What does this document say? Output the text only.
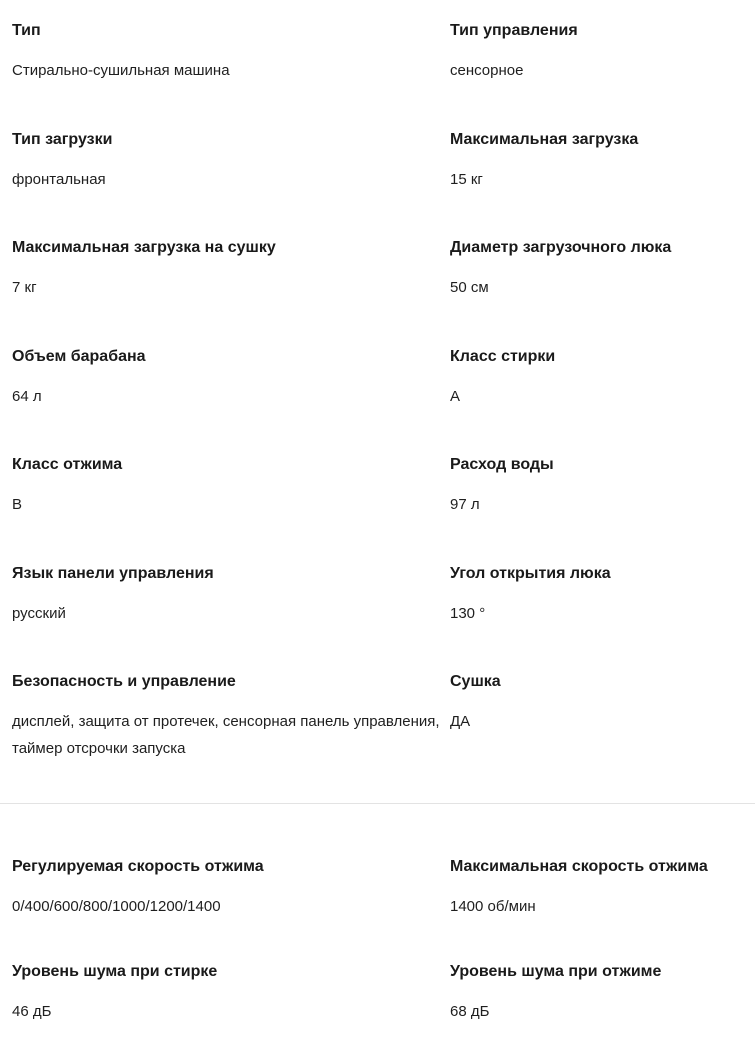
Тип
Стирально-сушильная машина
Тип управления
сенсорное
Тип загрузки
фронтальная
Максимальная загрузка
15 кг
Максимальная загрузка на сушку
7 кг
Диаметр загрузочного люка
50 см
Объем барабана
64 л
Класс стирки
А
Класс отжима
В
Расход воды
97 л
Язык панели управления
русский
Угол открытия люка
130 °
Безопасность и управление
дисплей, защита от протечек, сенсорная панель управления, таймер отсрочки запуска
Сушка
ДА
Регулируемая скорость отжима
0/400/600/800/1000/1200/1400
Максимальная скорость отжима
1400 об/мин
Уровень шума при стирке
46 дБ
Уровень шума при отжиме
68 дБ
